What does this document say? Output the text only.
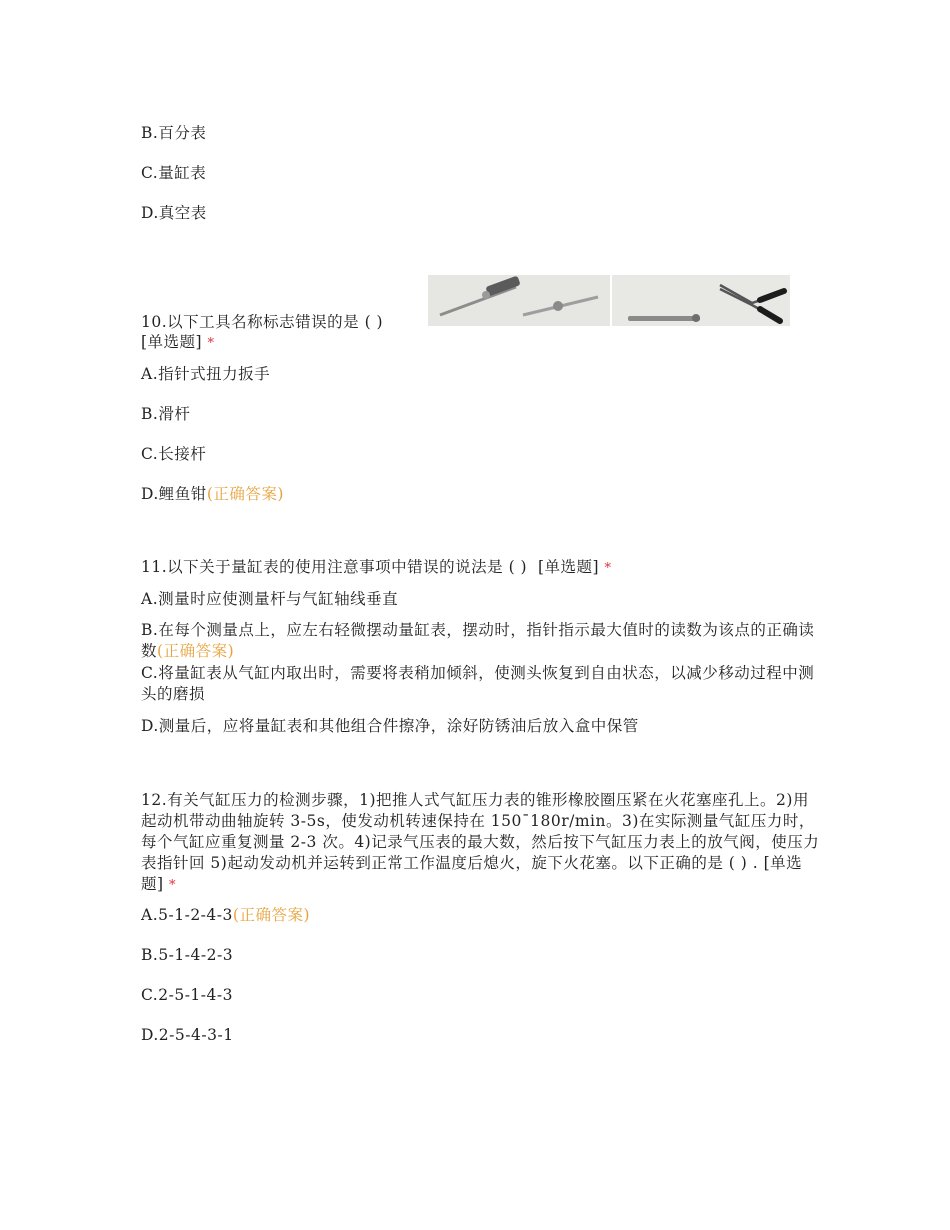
B.百分表
C.量缸表
D.真空表
10.以下工具名称标志错误的是 ( )
[单选题] *
A.指针式扭力扳手
B.滑杆
C.长接杆
D.鲤鱼钳(正确答案)
11.以下关于量缸表的使用注意事项中错误的说法是 ( ) [单选题] *
A.测量时应使测量杆与气缸轴线垂直
B.在每个测量点上，应左右轻微摆动量缸表，摆动时，指针指示最大值时的读数为该点的正确读数(正确答案)
C.将量缸表从气缸内取出时，需要将表稍加倾斜，使测头恢复到自由状态，以减少移动过程中测头的磨损
D.测量后，应将量缸表和其他组合件擦净，涂好防锈油后放入盒中保管
12.有关气缸压力的检测步骤，1)把推人式气缸压力表的锥形橡胶圈压紧在火花塞座孔上。2)用起动机带动曲轴旋转 3-5s，使发动机转速保持在 150¯180r/min。3)在实际测量气缸压力时，每个气缸应重复测量 2-3 次。4)记录气压表的最大数，然后按下气缸压力表上的放气阀，使压力表指针回 5)起动发动机并运转到正常工作温度后熄火，旋下火花塞。以下正确的是 ( ) . [单选题] *
A.5-1-2-4-3(正确答案)
B.5-1-4-2-3
C.2-5-1-4-3
D.2-5-4-3-1
